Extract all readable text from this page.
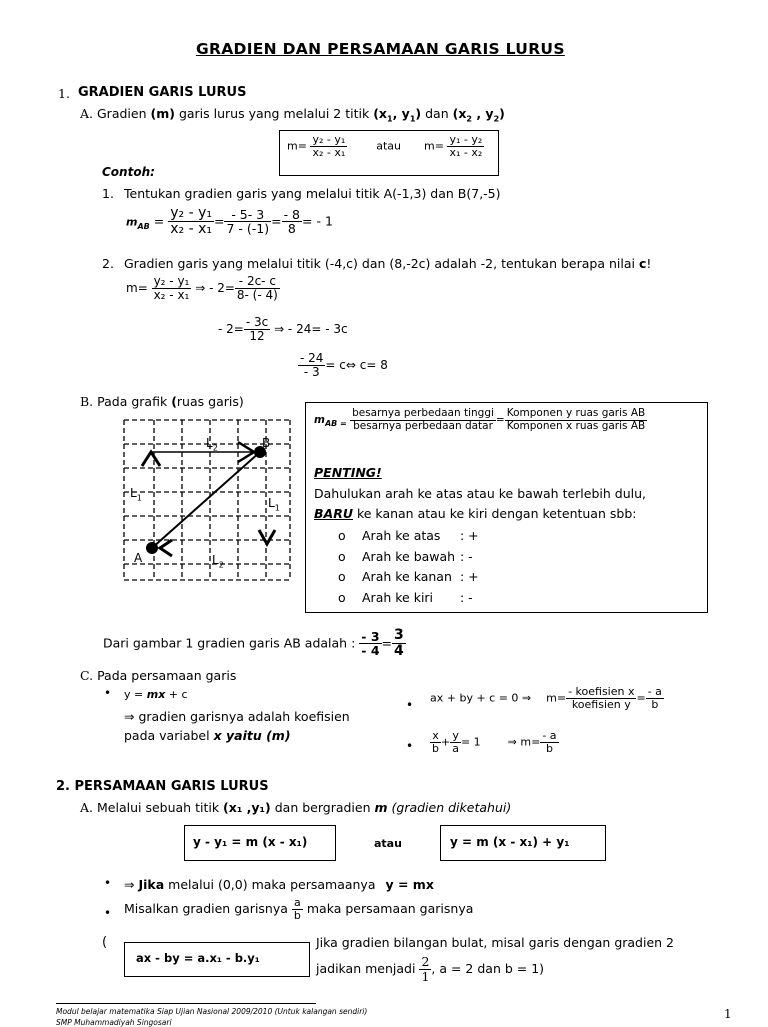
GRADIEN DAN PERSAMAAN GARIS LURUS
1. GRADIEN GARIS LURUS
A. Gradien (m) garis lurus yang melalui 2 titik ($x_1$, $y_1$) dan ($x_2$ , $y_2$)
$m= \frac{\text{y₂ - y₁}}{\text{x₂ - x₁}}$	atau $m= \frac{\text{y₁ - y₂}}{\text{x₁ - x₂}}$
Contoh:
1. Tentukan gradien garis yang melalui titik A(-1,3) dan B(7,-5)
$m_{AB} = \frac{\text{y₂ - y₁}}{\text{x₂ - x₁}} = \frac{- 5- 3}{7 - (-1)} = \frac{- 8}{8}$ = - 1
2. Gradien garis yang melalui titik (-4,c) dan (8,-2c) adalah -2, tentukan berapa nilai c!
$m= \frac{\text{y₂ - y₁}}{\text{x₂ - x₁}}$ ⇒ - $2= \frac{- 2c- c}{8- (- 4)}$
- $2= \frac{- 3c}{12}$ ⇒ - 24= - 3c
$\frac{- 24}{- 3}$ = c⇔ c= 8
B. Pada grafik (ruas garis)
$L_2$	B
$L_1$	$L_1$
A	$L_2$
$m_{AB =} \frac{\text{besarnya perbedaan tinggi}}{\text{besarnya perbedaan datar}} = \frac{\text{Komponen y ruas garis AB}}{\text{Komponen x ruas garis AB}}$
PENTING!
Dahulukan arah ke atas atau ke bawah terlebih dulu,
BARU ke kanan atau ke kiri dengan ketentuan sbb:
o Arah ke atas : +
o Arah ke bawah : -
o Arah ke kanan : +
o Arah ke kiri : -
Dari gambar 1 gradien garis AB adalah : $\frac{- 3}{- 4} = \frac{3}{4}$
C. Pada persamaan garis
• y = mx + c
⇒ gradien garisnya adalah koefisien
pada variabel x yaitu (m)
• ax + by + c = 0 ⇒ $m= \frac{\text{- koefisien x}}{\text{koefisien y}} = \frac{- a}{b}$
• $\frac{x}{b} + \frac{y}{a} = 1$ ⇒ $m= \frac{- a}{b}$
2. PERSAMAAN GARIS LURUS
A. Melalui sebuah titik (x₁ ,y₁) dan bergradien m (gradien diketahui)
y - y₁ = m (x - x₁)	atau	y = m (x - x₁) + y₁
• ⇒ Jika melalui (0,0) maka persamaanya y = mx
• Misalkan gradien garisnya $\frac{a}{b}$ maka persamaan garisnya
(
ax - by = a.x₁ - b.y₁
Jika gradien bilangan bulat, misal garis dengan gradien 2
jadikan menjadi $\frac{2}{1}$ , a = 2 dan b = 1)
Modul belajar matematika Siap Ujian Nasional 2009/2010 (Untuk kalangan sendiri)
SMP Muhammadiyah Singosari
1
